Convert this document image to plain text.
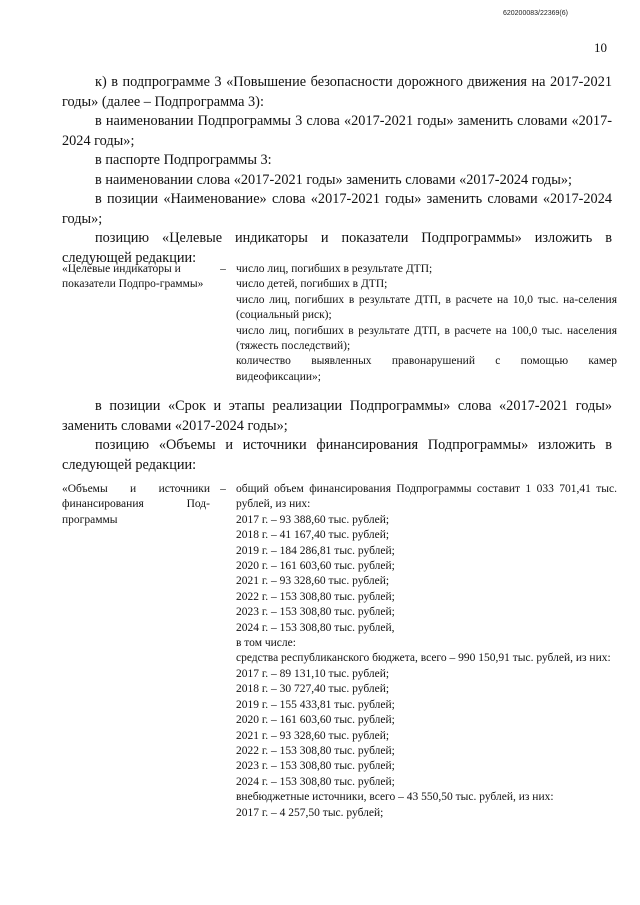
620200083/22369(6)
10

к) в подпрограмме 3 «Повышение безопасности дорожного движения на 2017-2021 годы» (далее – Подпрограмма 3):

в наименовании Подпрограммы 3 слова «2017-2021 годы» заменить словами «2017-2024 годы»;

в паспорте Подпрограммы 3:

в наименовании слова «2017-2021 годы» заменить словами «2017-2024 годы»;

в позиции «Наименование» слова «2017-2021 годы» заменить словами «2017-2024 годы»;

позицию «Целевые индикаторы и показатели Подпрограммы» изложить в следующей редакции:

«Целевые индикаторы и показатели Подпро-граммы»
– число лиц, погибших в результате ДТП;
число детей, погибших в ДТП;
число лиц, погибших в результате ДТП, в расчете на 10,0 тыс. на-селения (социальный риск);
число лиц, погибших в результате ДТП, в расчете на 100,0 тыс. населения (тяжесть последствий);
количество выявленных правонарушений с помощью камер видеофиксации»;

в позиции «Срок и этапы реализации Подпрограммы» слова «2017-2021 годы» заменить словами «2017-2024 годы»;

позицию «Объемы и источники финансирования Подпрограммы» изложить в следующей редакции:

«Объемы и источники финансирования Под-программы
– общий объем финансирования Подпрограммы составит 1 033 701,41 тыс. рублей, из них:
2017 г. – 93 388,60 тыс. рублей;
2018 г. – 41 167,40 тыс. рублей;
2019 г. – 184 286,81 тыс. рублей;
2020 г. – 161 603,60 тыс. рублей;
2021 г. – 93 328,60 тыс. рублей;
2022 г. – 153 308,80 тыс. рублей;
2023 г. – 153 308,80 тыс. рублей;
2024 г. – 153 308,80 тыс. рублей,
в том числе:
средства республиканского бюджета, всего – 990 150,91 тыс. рублей, из них:
2017 г. – 89 131,10 тыс. рублей;
2018 г. – 30 727,40 тыс. рублей;
2019 г. – 155 433,81 тыс. рублей;
2020 г. – 161 603,60 тыс. рублей;
2021 г. – 93 328,60 тыс. рублей;
2022 г. – 153 308,80 тыс. рублей;
2023 г. – 153 308,80 тыс. рублей;
2024 г. – 153 308,80 тыс. рублей;
внебюджетные источники, всего – 43 550,50 тыс. рублей, из них:
2017 г. – 4 257,50 тыс. рублей;
